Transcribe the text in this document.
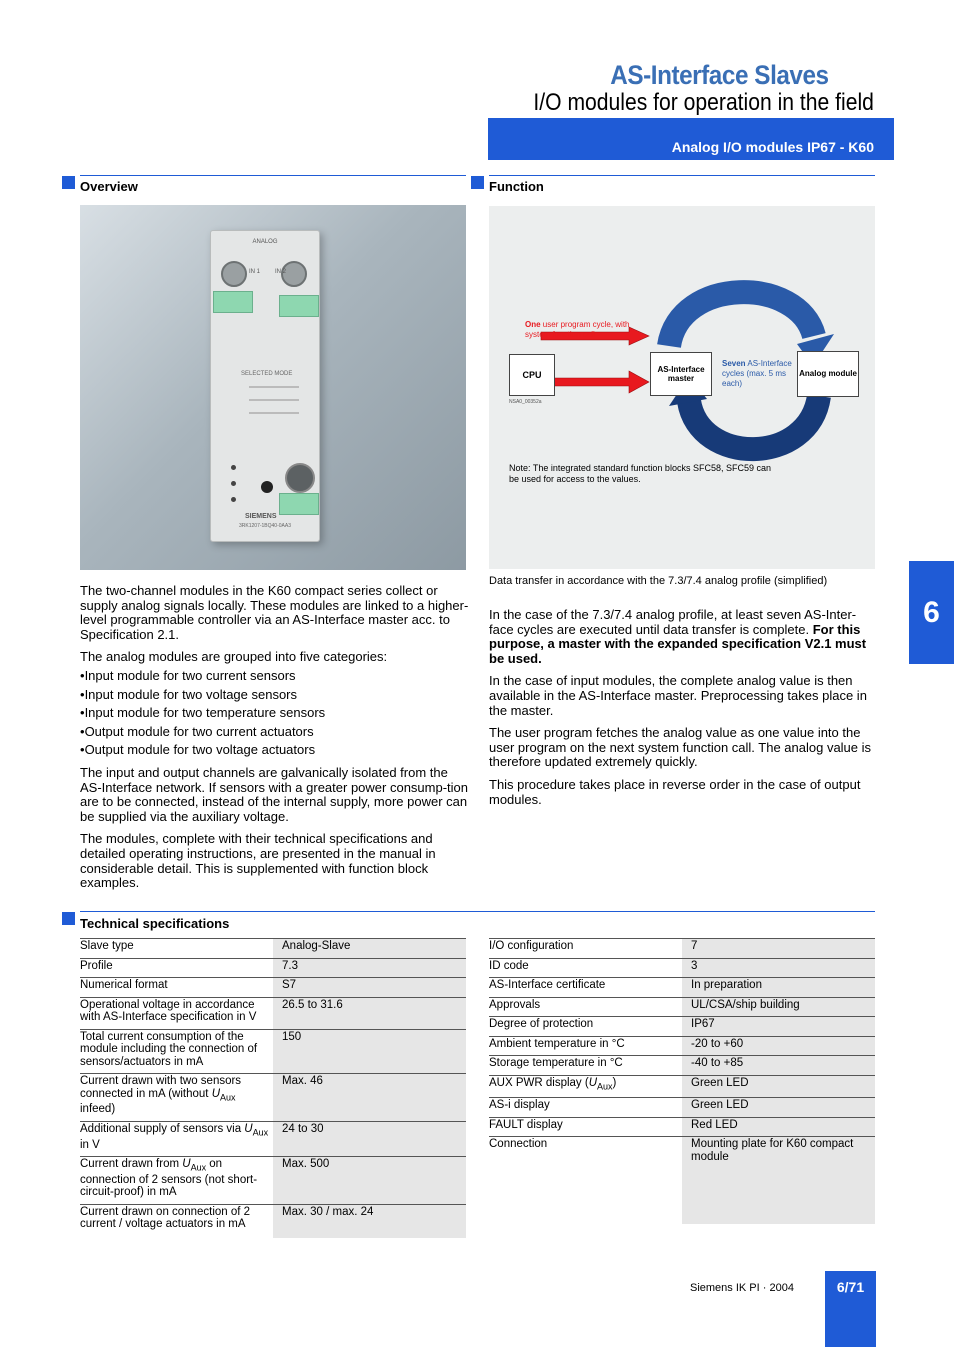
AS-Interface Slaves
I/O modules for operation in the field
Analog I/O modules IP67 - K60
Overview	Function
ANALOG
IN 1 IN 2
SELECTED MODE
SIEMENS
3RK1207-1BQ40-0AA3
One user program cycle, with system function call
CPU
AS-Interface master
Analog module
Seven AS-Interface cycles (max. 5 ms each)
NSA0_00352a
Note: The integrated standard function blocks SFC58, SFC59 can be used for access to the values.
Data transfer in accordance with the 7.3/7.4 analog profile (simplified)

The two-channel modules in the K60 compact series collect or supply analog signals locally. These modules are linked to a higher-level programmable controller via an AS-Interface master acc. to Specification 2.1.

The analog modules are grouped into five categories:

•Input module for two current sensors
•Input module for two voltage sensors
•Input module for two temperature sensors
•Output module for two current actuators
•Output module for two voltage actuators

The input and output channels are galvanically isolated from the AS-Interface network. If sensors with a greater power consump-tion are to be connected, instead of the internal supply, more power can be supplied via the auxiliary voltage.

The modules, complete with their technical specifications and detailed operating instructions, are presented in the manual in considerable detail. This is supplemented with function block examples.

In the case of the 7.3/7.4 analog profile, at least seven AS-Inter-face cycles are executed until data transfer is complete. For this purpose, a master with the expanded specification V2.1 must be used.

In the case of input modules, the complete analog value is then available in the AS-Interface master. Preprocessing takes place in the master.

The user program fetches the analog value as one value into the user program on the next system function call. The analog value is therefore updated extremely quickly.

This procedure takes place in reverse order in the case of output modules.

Technical specifications
Slave type	Analog-Slave
Profile	7.3
Numerical format	S7
Operational voltage in accordance with AS-Interface specification in V	26.5 to 31.6
Total current consumption of the module including the connection of sensors/actuators in mA	150
Current drawn with two sensors connected in mA (without $U_{Aux}$ infeed)	Max. 46
Additional supply of sensors via $U_{Aux}$ in V	24 to 30
Current drawn from $U_{Aux}$ on connection of 2 sensors (not short-circuit-proof) in mA	Max. 500
Current drawn on connection of 2 current / voltage actuators in mA	Max. 30 / max. 24
I/O configuration	7
ID code	3
AS-Interface certificate	In preparation
Approvals	UL/CSA/ship building
Degree of protection	IP67
Ambient temperature in °C	-20 to +60
Storage temperature in °C	-40 to +85
AUX PWR display $(U_{Aux})$	Green LED
AS-i display	Green LED
FAULT display	Red LED
Connection	Mounting plate for K60 compact module
6
Siemens IK PI · 2004	6/71
